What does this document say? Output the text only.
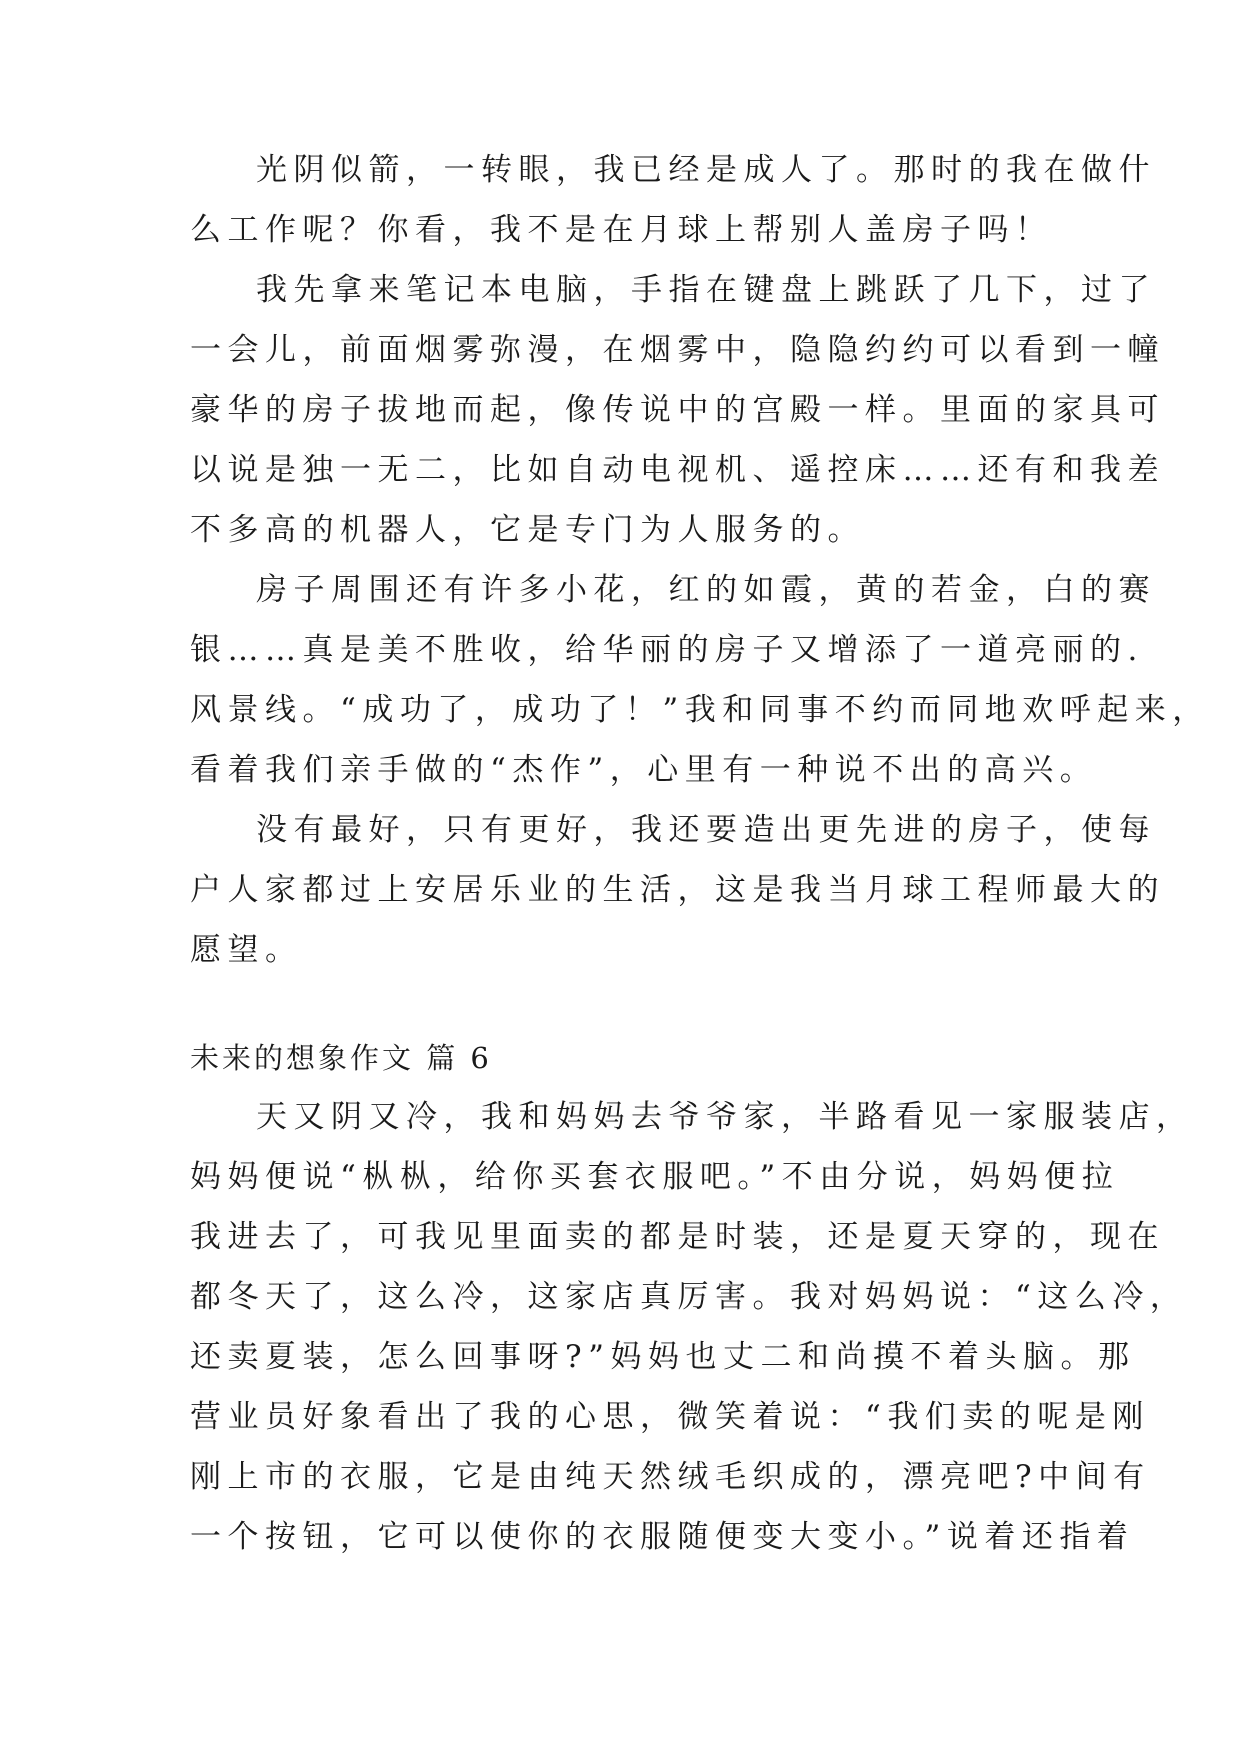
光阴似箭，一转眼，我已经是成人了。那时的我在做什
么工作呢？你看，我不是在月球上帮别人盖房子吗！
我先拿来笔记本电脑，手指在键盘上跳跃了几下，过了
一会儿，前面烟雾弥漫，在烟雾中，隐隐约约可以看到一幢
豪华的房子拔地而起，像传说中的宫殿一样。里面的家具可
以说是独一无二，比如自动电视机、遥控床……还有和我差
不多高的机器人，它是专门为人服务的。
房子周围还有许多小花，红的如霞，黄的若金，白的赛
银……真是美不胜收，给华丽的房子又增添了一道亮丽的.
风景线。“成功了，成功了！”我和同事不约而同地欢呼起来，
看着我们亲手做的“杰作”，心里有一种说不出的高兴。
没有最好，只有更好，我还要造出更先进的房子，使每
户人家都过上安居乐业的生活，这是我当月球工程师最大的
愿望。
未来的想象作文 篇 6
天又阴又冷，我和妈妈去爷爷家，半路看见一家服装店，
妈妈便说“枞枞，给你买套衣服吧。”不由分说，妈妈便拉
我进去了，可我见里面卖的都是时装，还是夏天穿的，现在
都冬天了，这么冷，这家店真厉害。我对妈妈说：“这么冷，
还卖夏装，怎么回事呀?”妈妈也丈二和尚摸不着头脑。那
营业员好象看出了我的心思，微笑着说：“我们卖的呢是刚
刚上市的衣服，它是由纯天然绒毛织成的，漂亮吧?中间有
一个按钮，它可以使你的衣服随便变大变小。”说着还指着
